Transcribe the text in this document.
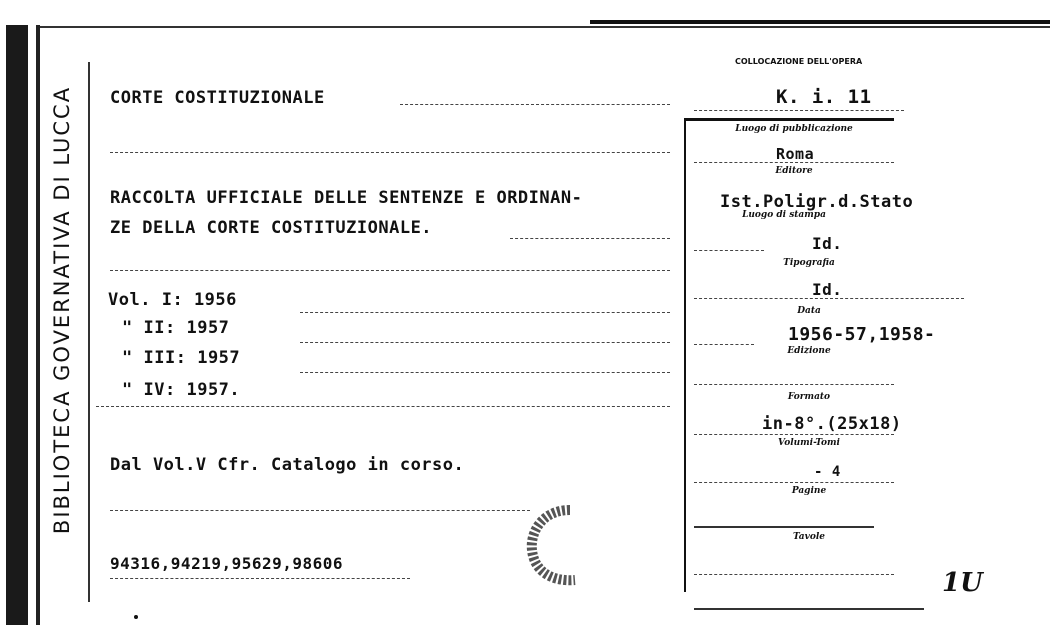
BIBLIOTECA GOVERNATIVA DI LUCCA
COLLOCAZIONE DELL'OPERA
K. i. 11
CORTE COSTITUZIONALE
RACCOLTA UFFICIALE DELLE SENTENZE E ORDINAN-
ZE DELLA CORTE COSTITUZIONALE.
Vol. I: 1956
" II: 1957
" III: 1957
" IV: 1957.
Dal Vol.V Cfr. Catalogo in corso.
94316,94219,95629,98606
Luogo di pubblicazione
Roma
Editore
Ist.Poligr.d.Stato
Luogo di stampa
Id.
Tipografia
Id.
Data
1956-57,1958-
Edizione
Formato
in-8°.(25x18)
Volumi-Tomi
- 4
Pagine
Tavole
1U
